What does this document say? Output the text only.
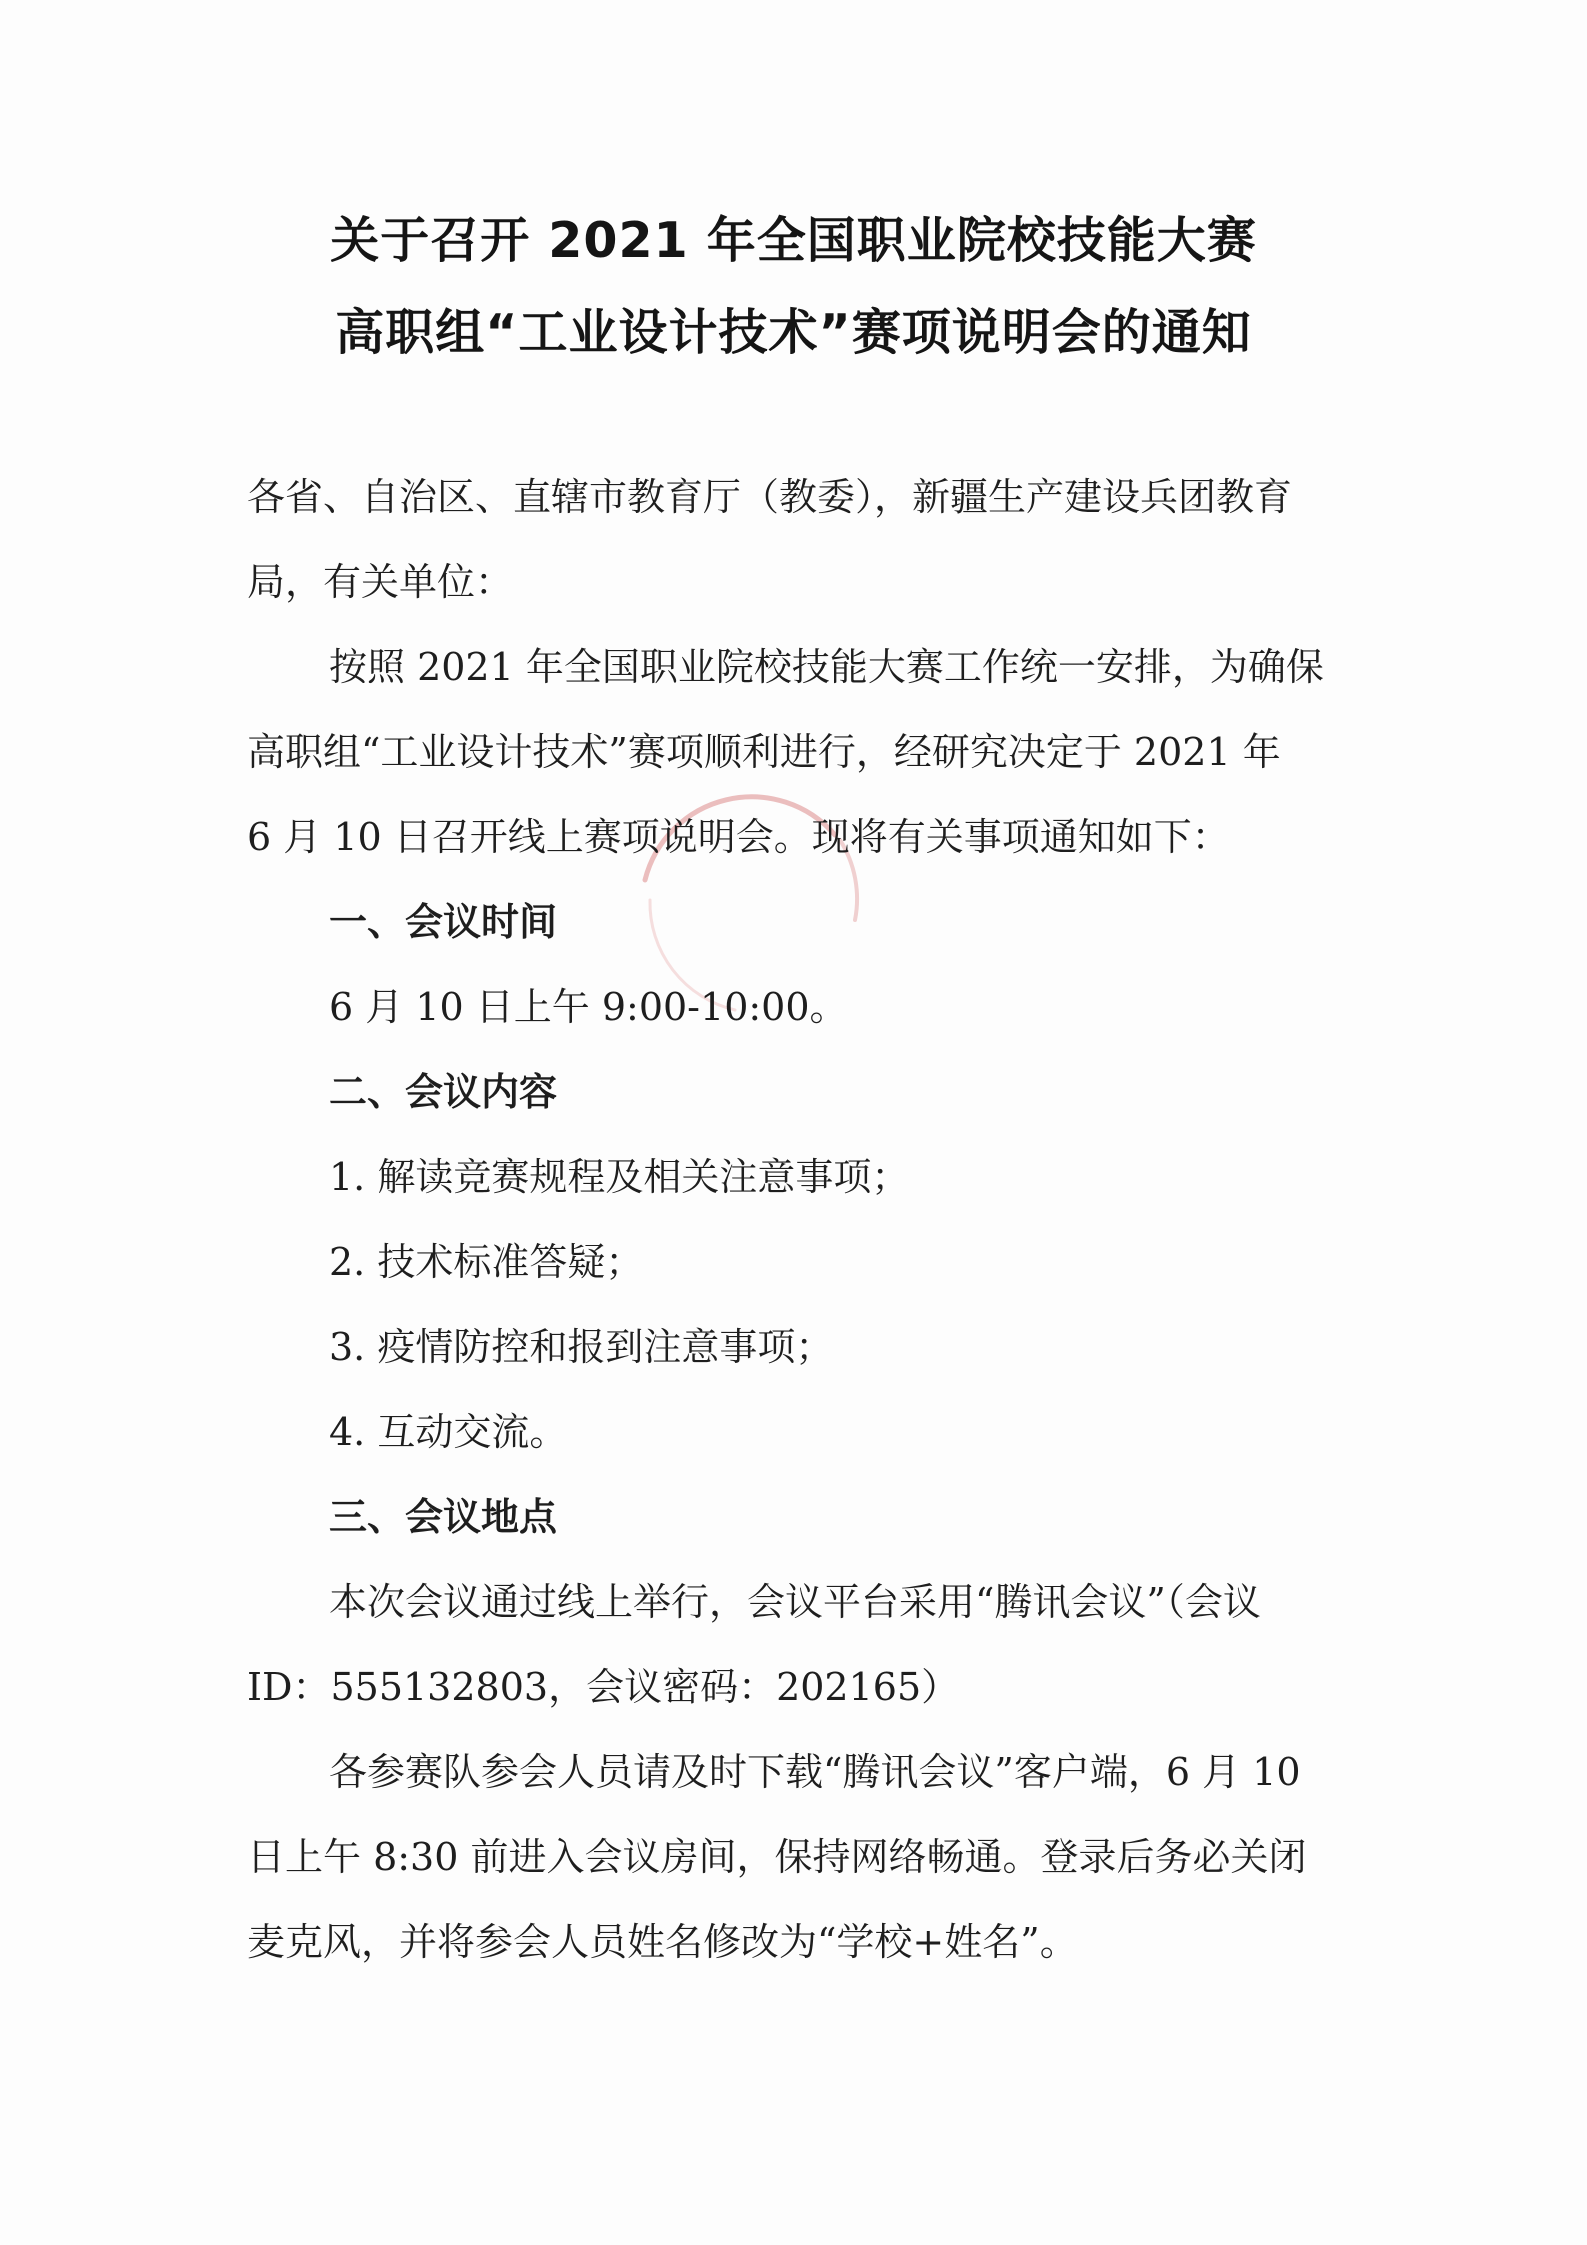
关于召开 2021 年全国职业院校技能大赛
高职组“工业设计技术”赛项说明会的通知

各省、自治区、直辖市教育厅（教委），新疆生产建设兵团教育

局，有关单位：

按照 2021 年全国职业院校技能大赛工作统一安排，为确保

高职组“工业设计技术”赛项顺利进行，经研究决定于 2021 年

6 月 10 日召开线上赛项说明会。现将有关事项通知如下：

一、会议时间

6 月 10 日上午 9:00-10:00。

二、会议内容

1. 解读竞赛规程及相关注意事项；

2. 技术标准答疑；

3. 疫情防控和报到注意事项；

4. 互动交流。

三、会议地点

本次会议通过线上举行，会议平台采用“腾讯会议”（会议

ID：555132803，会议密码：202165）

各参赛队参会人员请及时下载“腾讯会议”客户端，6 月 10

日上午 8:30 前进入会议房间，保持网络畅通。登录后务必关闭

麦克风，并将参会人员姓名修改为“学校+姓名”。
